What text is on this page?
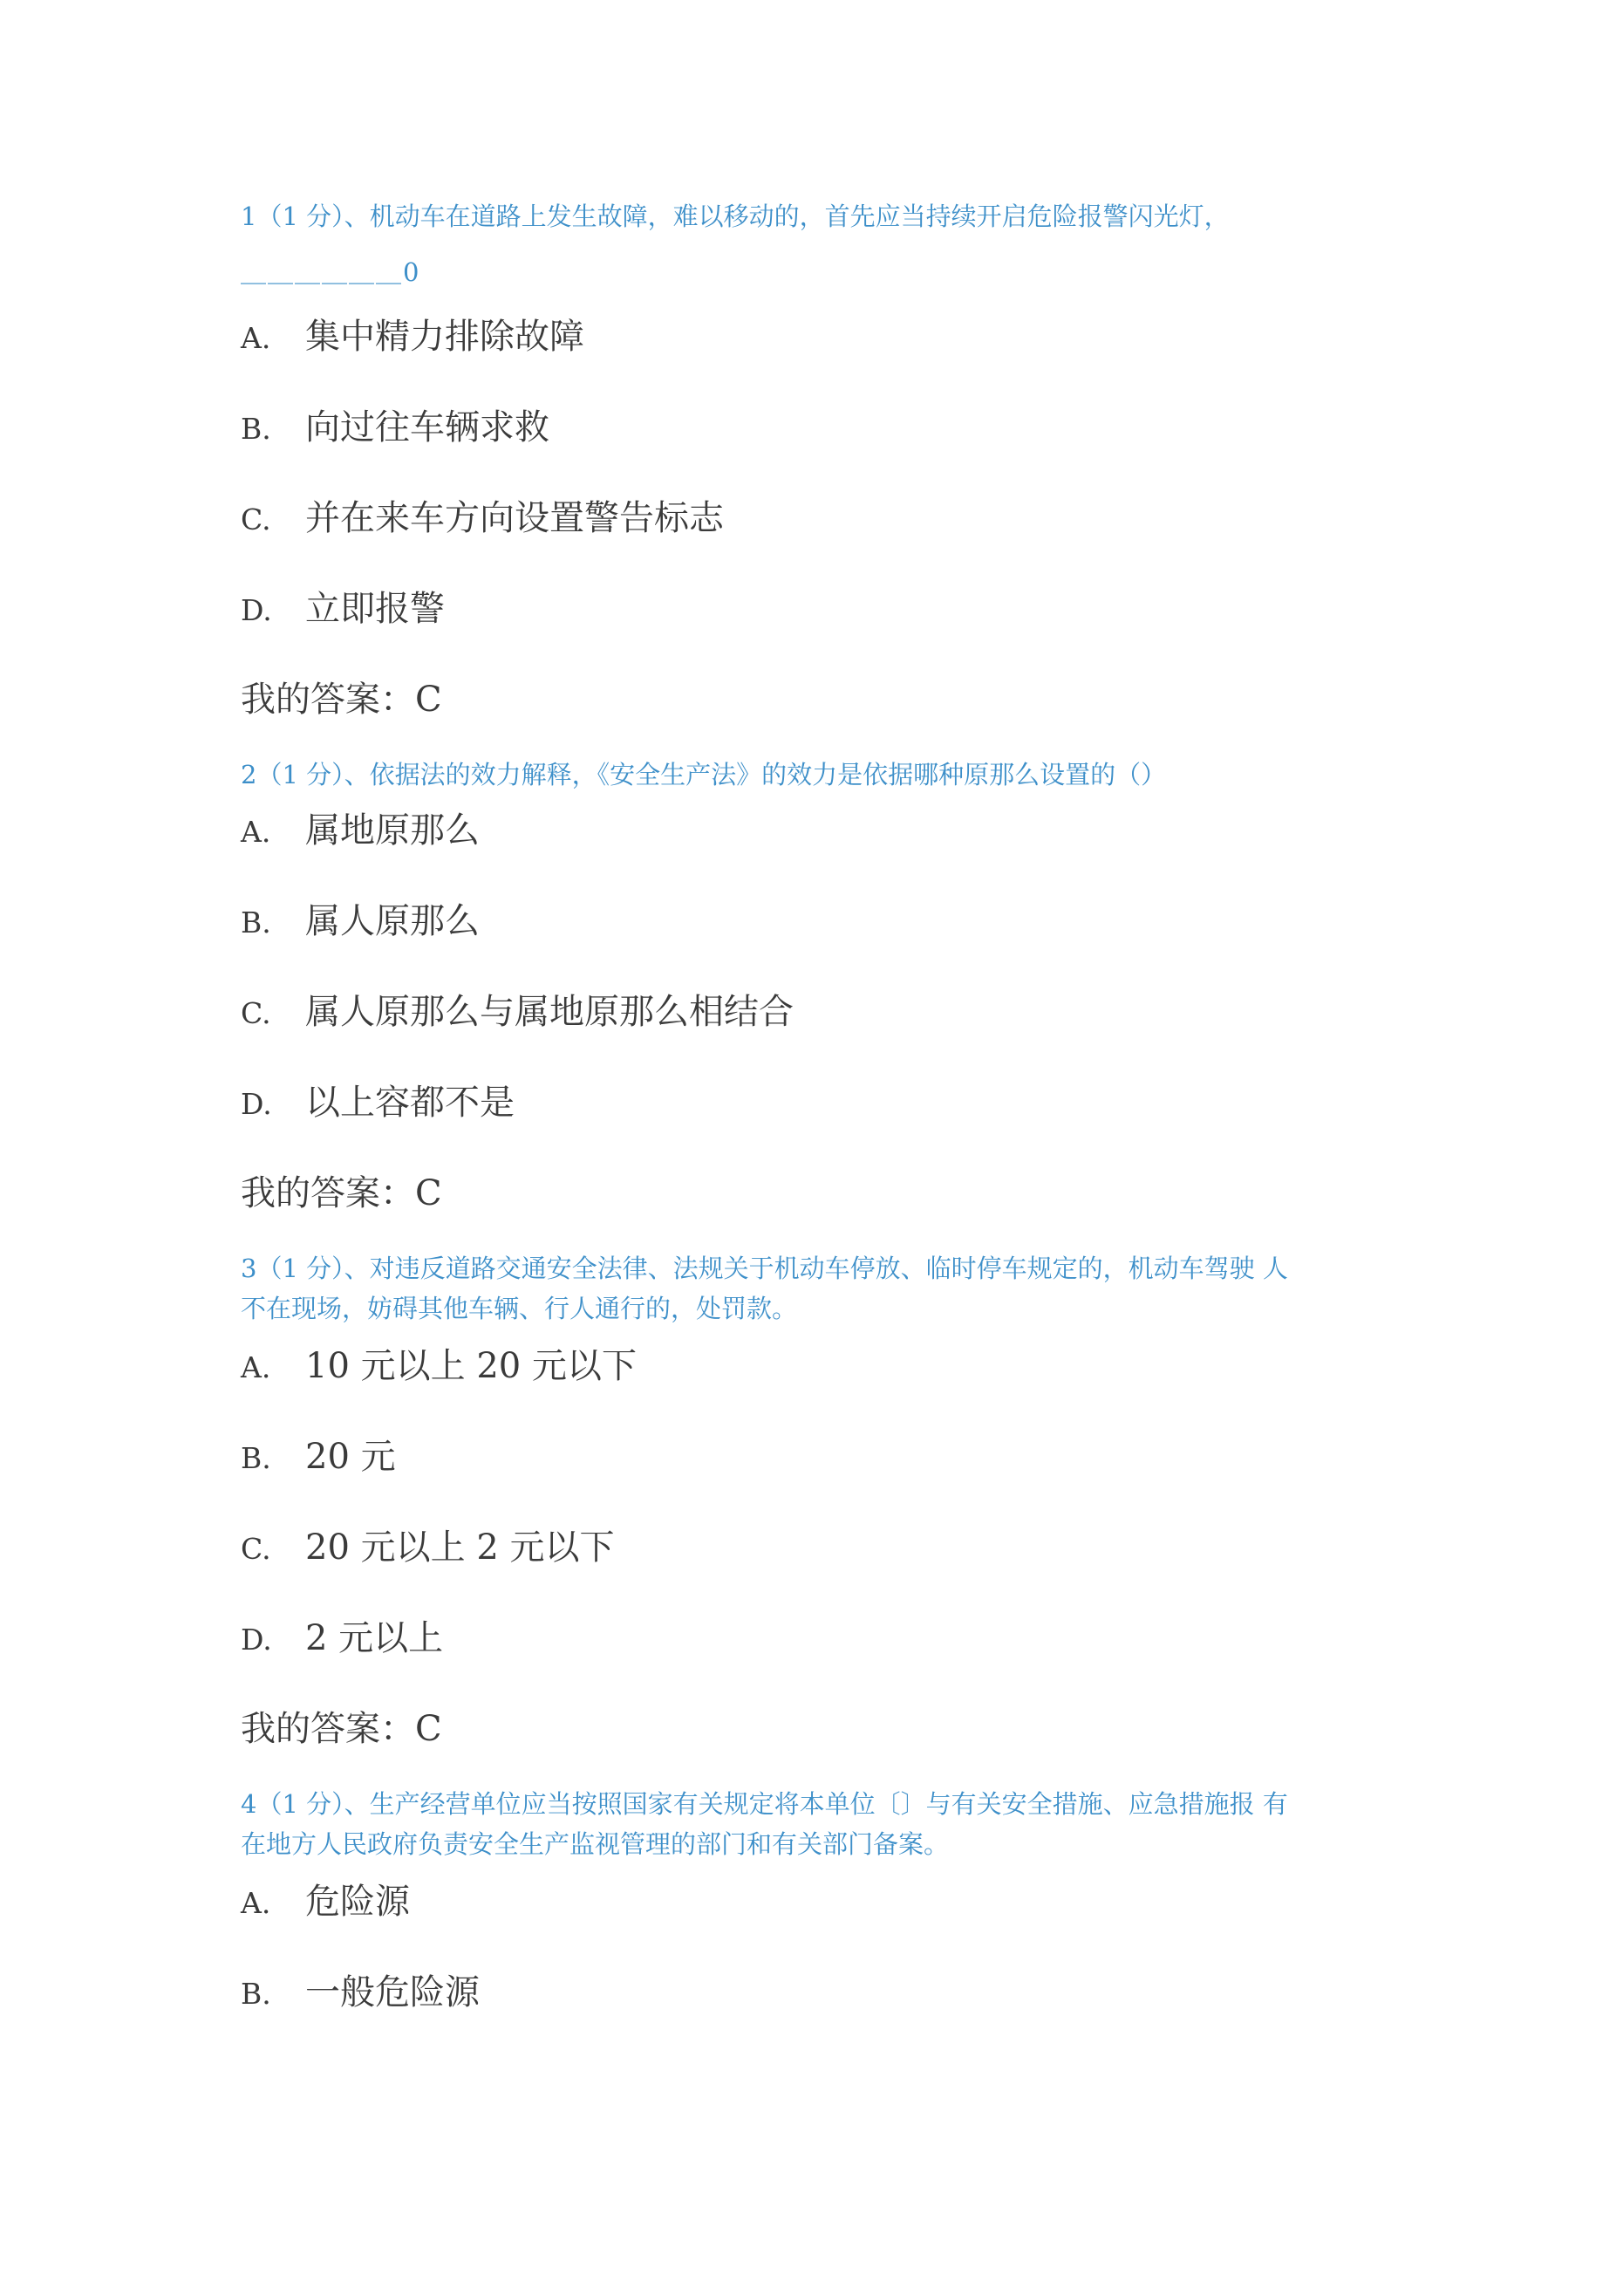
1（1 分）、机动车在道路上发生故障，难以移动的，首先应当持续开启危险报警闪光灯，

＿＿＿＿＿＿0

A. 集中精力排除故障

B. 向过往车辆求救

C. 并在来车方向设置警告标志

D. 立即报警

我的答案：C

2（1 分）、依据法的效力解释，《安全生产法》的效力是依据哪种原那么设置的（）

A. 属地原那么

B. 属人原那么

C. 属人原那么与属地原那么相结合

D. 以上容都不是

我的答案：C

3（1 分）、对违反道路交通安全法律、法规关于机动车停放、临时停车规定的，机动车驾驶 人

不在现场，妨碍其他车辆、行人通行的，处罚款。

A. 10 元以上 20 元以下

B. 20 元

C. 20 元以上 2 元以下

D. 2 元以上

我的答案：C

4（1 分）、生产经营单位应当按照国家有关规定将本单位〔〕与有关安全措施、应急措施报 有

在地方人民政府负责安全生产监视管理的部门和有关部门备案。

A. 危险源

B. 一般危险源
